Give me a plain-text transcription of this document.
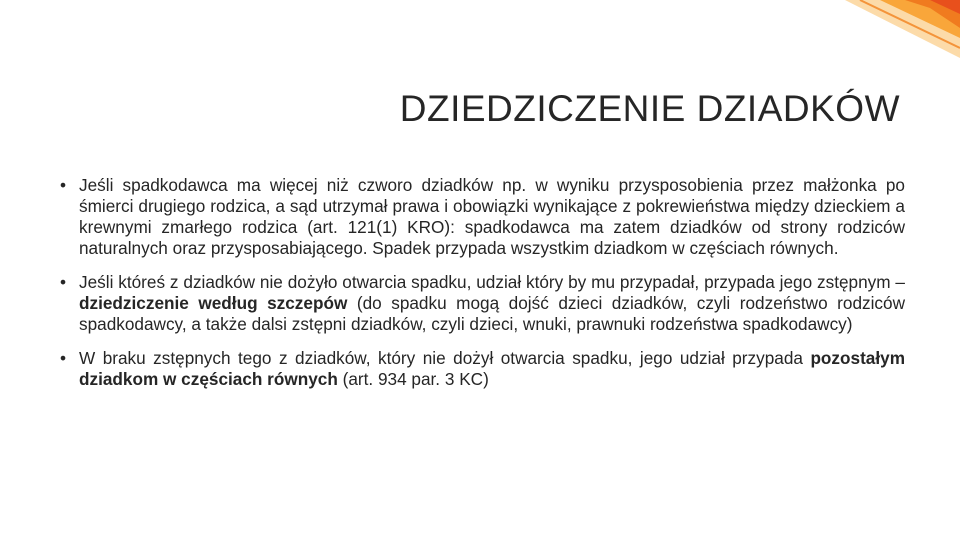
DZIEDZICZENIE DZIADKÓW
• Jeśli spadkodawca ma więcej niż czworo dziadków np. w wyniku przysposobienia przez małżonka po śmierci drugiego rodzica, a sąd utrzymał prawa i obowiązki wynikające z pokrewieństwa między dzieckiem a krewnymi zmarłego rodzica (art. 121(1) KRO): spadkodawca ma zatem dziadków od strony rodziców naturalnych oraz przysposabiającego. Spadek przypada wszystkim dziadkom w częściach równych.
• Jeśli któreś z dziadków nie dożyło otwarcia spadku, udział który by mu przypadał, przypada jego zstępnym – dziedziczenie według szczepów (do spadku mogą dojść dzieci dziadków, czyli rodzeństwo rodziców spadkodawcy, a także dalsi zstępni dziadków, czyli dzieci, wnuki, prawnuki rodzeństwa spadkodawcy)
• W braku zstępnych tego z dziadków, który nie dożył otwarcia spadku, jego udział przypada pozostałym dziadkom w częściach równych (art. 934 par. 3 KC)
